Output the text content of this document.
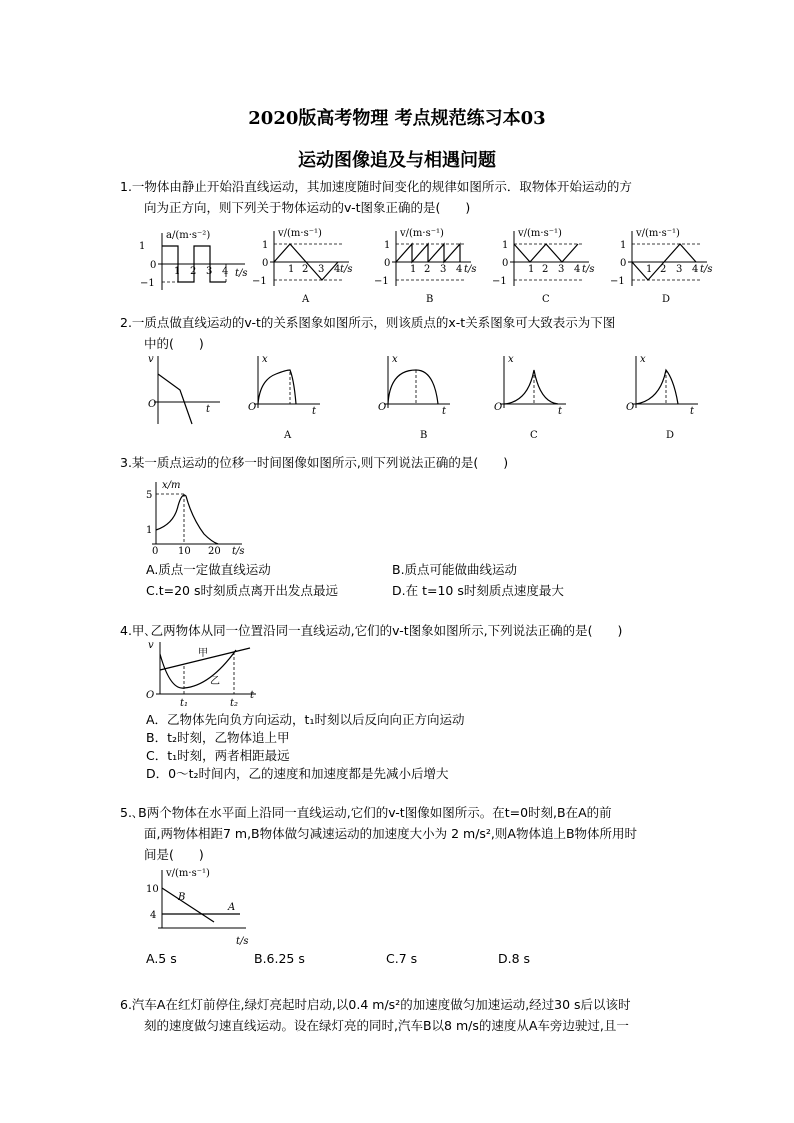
2020版高考物理 考点规范练习本03
运动图像追及与相遇问题
1.一物体由静止开始沿直线运动，其加速度随时间变化的规律如图所示．取物体开始运动的方
向为正方向，则下列关于物体运动的v-t图象正确的是(　　)
a/(m·s⁻²)
1
0
−1
1 2 3 4 t/s
v/(m·s⁻¹)
1
0
−1
1 2 3 4 t/s
A
v/(m·s⁻¹)
1
0
−1
1 2 3 4 t/s
B
v/(m·s⁻¹)
1
0
−1
1 2 3 4 t/s
C
v/(m·s⁻¹)
1
0
−1
1 2 3 4 t/s
D
2.一质点做直线运动的v-t的关系图象如图所示，则该质点的x-t关系图象可大致表示为下图
中的(　　)
v
O	t
x
O	t
A
x
O	t
B
x
O	t
C
x
O	t
D
3.某一质点运动的位移一时间图像如图所示,则下列说法正确的是(　　)
x/m
5
1
0 10 20 t/s
A.质点一定做直线运动	B.质点可能做曲线运动
C.t=20 s时刻质点离开出发点最远	D.在 t=10 s时刻质点速度最大
4.甲､乙两物体从同一位置沿同一直线运动,它们的v-t图象如图所示,下列说法正确的是(　　)
v
O	t
甲
乙
t₁	t₂
A．乙物体先向负方向运动，t₁时刻以后反向向正方向运动
B．t₂时刻，乙物体追上甲
C．t₁时刻，两者相距最远
D．0～t₂时间内，乙的速度和加速度都是先减小后增大
5.､B两个物体在水平面上沿同一直线运动,它们的v-t图像如图所示。在t=0时刻,B在A的前
面,两物体相距7 m,B物体做匀减速运动的加速度大小为 2 m/s²,则A物体追上B物体所用时
间是(　　)
v/(m·s⁻¹)
10
4
B
A
t/s
A.5 s	B.6.25 s	C.7 s	D.8 s
6.汽车A在红灯前停住,绿灯亮起时启动,以0.4 m/s²的加速度做匀加速运动,经过30 s后以该时
刻的速度做匀速直线运动。设在绿灯亮的同时,汽车B以8 m/s的速度从A车旁边驶过,且一
